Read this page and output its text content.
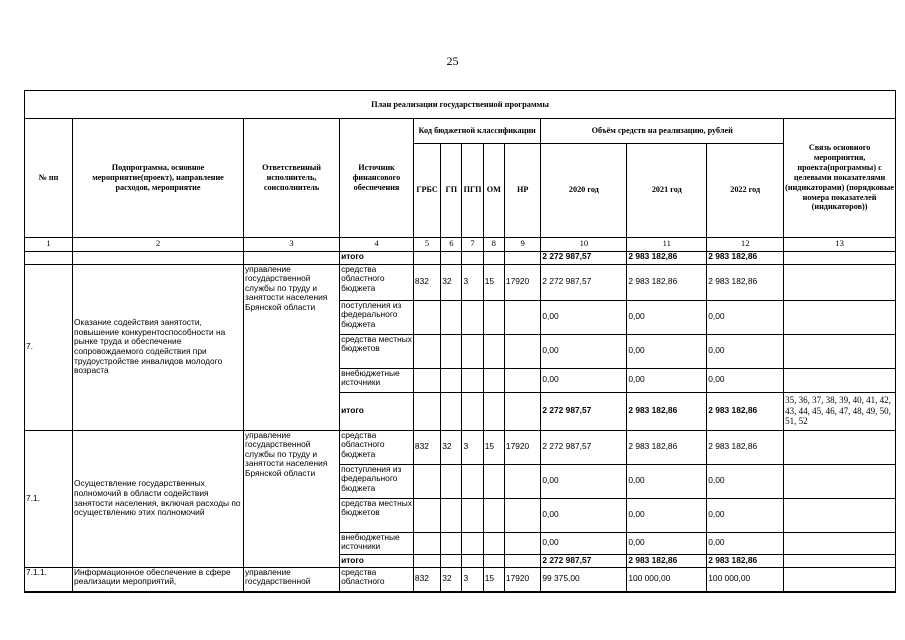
25
План реализации государственной программы
№ пп	Подпрограмма, основное мероприятие(проект), направление расходов, мероприятие	Ответственный исполнитель, соисполнитель	Источник финансового обеспечения	Код бюджетной классификации					Объём средств на реализацию, рублей			Связь основного мероприятия, проекта(программы) с целевыми показателями (индикаторами) (порядковые номера показателей (индикаторов))
				ГРБС	ГП	ПГП	ОМ	НР	2020 год	2021 год	2022 год	
1	2	3	4	5	6	7	8	9	10	11	12	13
			итого						2 272 987,57	2 983 182,86	2 983 182,86	
7.	Оказание содействия занятости, повышение конкурентоспособности на рынке труда и обеспечение сопровождаемого содействия при трудоустройстве инвалидов молодого возраста	управление государственной службы по труду и занятости населения Брянской области	средства областного бюджета	832	32	3	15	17920	2 272 987,57	2 983 182,86	2 983 182,86	
			поступления из федерального бюджета						0,00	0,00	0,00	
			средства местных бюджетов						0,00	0,00	0,00	
			внебюджетные источники						0,00	0,00	0,00	
			итого						2 272 987,57	2 983 182,86	2 983 182,86	35, 36, 37, 38, 39, 40, 41, 42, 43, 44, 45, 46, 47, 48, 49, 50, 51, 52
7.1.	Осуществление государственных полномочий в области содействия занятости населения, включая расходы по осуществлению этих полномочий	управление государственной службы по труду и занятости населения Брянской области	средства областного бюджета	832	32	3	15	17920	2 272 987,57	2 983 182,86	2 983 182,86	
			поступления из федерального бюджета						0,00	0,00	0,00	
			средства местных бюджетов						0,00	0,00	0,00	
			внебюджетные источники						0,00	0,00	0,00	
			итого						2 272 987,57	2 983 182,86	2 983 182,86	
7.1.1.	Информационное обеспечение в сфере реализации мероприятий,	управление государственной	средства областного	832	32	3	15	17920	99 375,00	100 000,00	100 000,00	
